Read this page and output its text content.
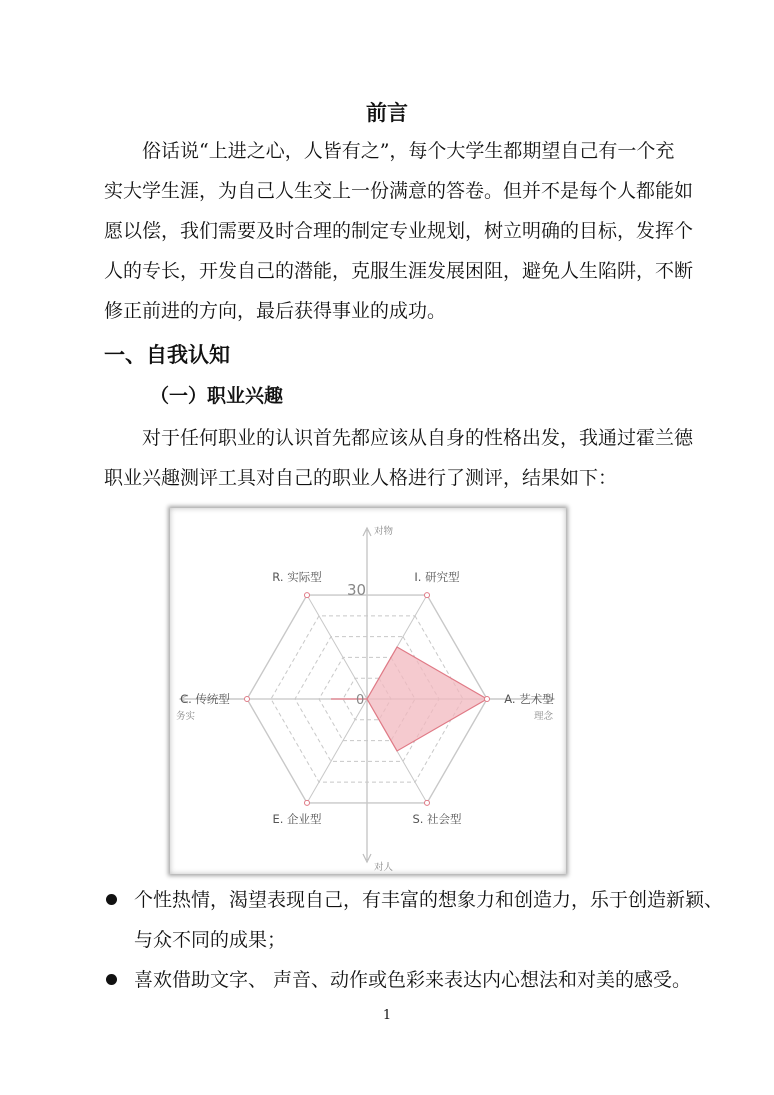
前言
俗话说“上进之心，人皆有之”，每个大学生都期望自己有一个充
实大学生涯，为自己人生交上一份满意的答卷。但并不是每个人都能如
愿以偿，我们需要及时合理的制定专业规划，树立明确的目标，发挥个
人的专长，开发自己的潜能，克服生涯发展困阻，避免人生陷阱，不断
修正前进的方向，最后获得事业的成功。
一、自我认知
（一）职业兴趣
对于任何职业的认识首先都应该从自身的性格出发，我通过霍兰德
职业兴趣测评工具对自己的职业人格进行了测评，结果如下：
30
0
I. 研究型
A. 艺术型
S. 社会型
E. 企业型
C. 传统型
R. 实际型
对物
对人
务实	理念
个性热情，渴望表现自己，有丰富的想象力和创造力，乐于创造新颖、
与众不同的成果；
喜欢借助文字、 声音、动作或色彩来表达内心想法和对美的感受。

1
